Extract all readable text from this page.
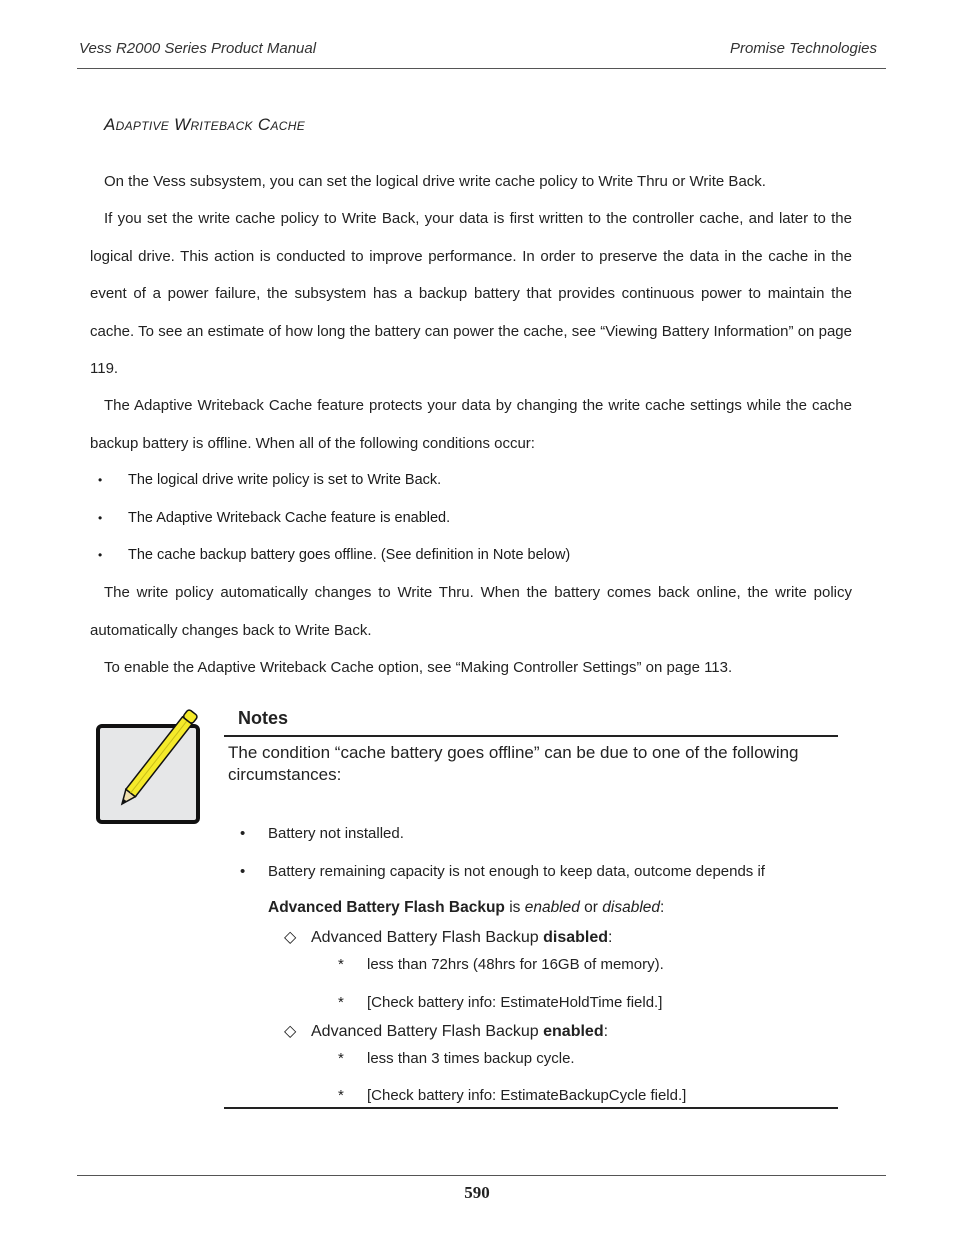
Vess R2000 Series Product Manual	Promise Technologies
Adaptive Writeback Cache

On the Vess subsystem, you can set the logical drive write cache policy to Write Thru or Write Back.

If you set the write cache policy to Write Back, your data is first written to the controller cache, and later to the logical drive. This action is conducted to improve performance. In order to preserve the data in the cache in the event of a power failure, the subsystem has a backup battery that provides continuous power to maintain the cache. To see an estimate of how long the battery can power the cache, see “Viewing Battery Information” on page 119.

The Adaptive Writeback Cache feature protects your data by changing the write cache settings while the cache backup battery is offline. When all of the following conditions occur:

• The logical drive write policy is set to Write Back.
• The Adaptive Writeback Cache feature is enabled.
• The cache backup battery goes offline. (See definition in Note below)

The write policy automatically changes to Write Thru. When the battery comes back online, the write policy automatically changes back to Write Back.

To enable the Adaptive Writeback Cache option, see “Making Controller Settings” on page 113.

Notes
The condition “cache battery goes offline” can be due to one of the following circumstances:
• Battery not installed.
• Battery remaining capacity is not enough to keep data, outcome depends if
Advanced Battery Flash Backup is enabled or disabled:
◇ Advanced Battery Flash Backup disabled:
* less than 72hrs (48hrs for 16GB of memory).
* [Check battery info: EstimateHoldTime field.]
◇ Advanced Battery Flash Backup enabled:
* less than 3 times backup cycle.
* [Check battery info: EstimateBackupCycle field.]
590
